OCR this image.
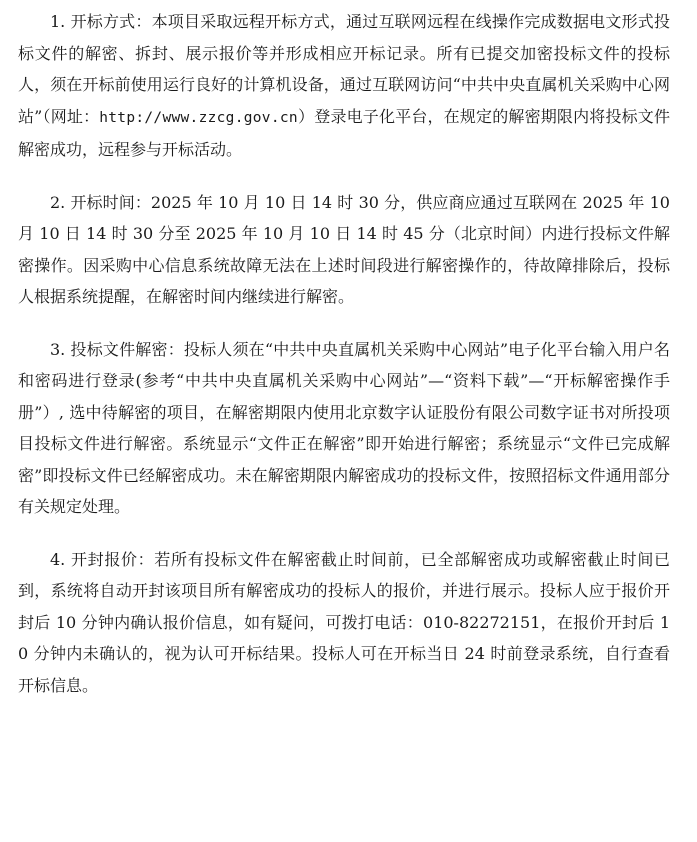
1. 开标方式：本项目采取远程开标方式，通过互联网远程在线操作完成数据电文形式投标文件的解密、拆封、展示报价等并形成相应开标记录。所有已提交加密投标文件的投标人，须在开标前使用运行良好的计算机设备，通过互联网访问“中共中央直属机关采购中心网站”（网址：http://www.zzcg.gov.cn）登录电子化平台，在规定的解密期限内将投标文件解密成功，远程参与开标活动。

2. 开标时间：2025 年 10 月 10 日 14 时 30 分，供应商应通过互联网在 2025 年 10 月 10 日 14 时 30 分至 2025 年 10 月 10 日 14 时 45 分（北京时间）内进行投标文件解密操作。因采购中心信息系统故障无法在上述时间段进行解密操作的，待故障排除后，投标人根据系统提醒，在解密时间内继续进行解密。

3. 投标文件解密：投标人须在“中共中央直属机关采购中心网站”电子化平台输入用户名和密码进行登录(参考“中共中央直属机关采购中心网站”—“资料下载”—“开标解密操作手册”）, 选中待解密的项目，在解密期限内使用北京数字认证股份有限公司数字证书对所投项目投标文件进行解密。系统显示“文件正在解密”即开始进行解密；系统显示“文件已完成解密”即投标文件已经解密成功。未在解密期限内解密成功的投标文件，按照招标文件通用部分有关规定处理。

4. 开封报价：若所有投标文件在解密截止时间前，已全部解密成功或解密截止时间已到，系统将自动开封该项目所有解密成功的投标人的报价，并进行展示。投标人应于报价开封后 10 分钟内确认报价信息，如有疑问，可拨打电话：010-82272151，在报价开封后 10 分钟内未确认的，视为认可开标结果。投标人可在开标当日 24 时前登录系统，自行查看开标信息。
